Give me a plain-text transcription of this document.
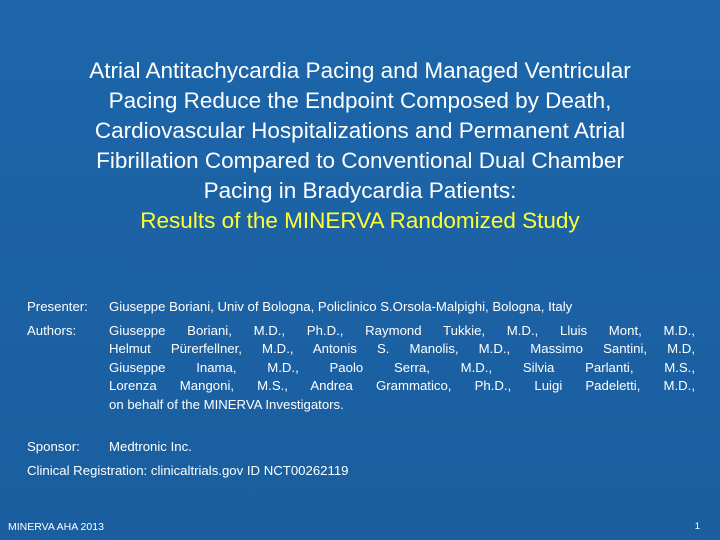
Atrial Antitachycardia Pacing and Managed Ventricular
Pacing Reduce the Endpoint Composed by Death,
Cardiovascular Hospitalizations and Permanent Atrial
Fibrillation Compared to Conventional Dual Chamber
Pacing in Bradycardia Patients:
Results of the MINERVA Randomized Study
Presenter:	Giuseppe Boriani, Univ of Bologna, Policlinico S.Orsola-Malpighi, Bologna, Italy
Authors:	Giuseppe Boriani, M.D., Ph.D., Raymond Tukkie, M.D., Lluis Mont, M.D.,
Helmut Pürerfellner, M.D., Antonis S. Manolis, M.D., Massimo Santini, M.D,
Giuseppe Inama, M.D., Paolo Serra, M.D., Silvia Parlanti, M.S.,
Lorenza Mangoni, M.S., Andrea Grammatico, Ph.D., Luigi Padeletti, M.D.,
on behalf of the MINERVA Investigators.
Sponsor:	Medtronic Inc.
Clinical Registration: clinicaltrials.gov ID NCT00262119
MINERVA AHA 2013	1
